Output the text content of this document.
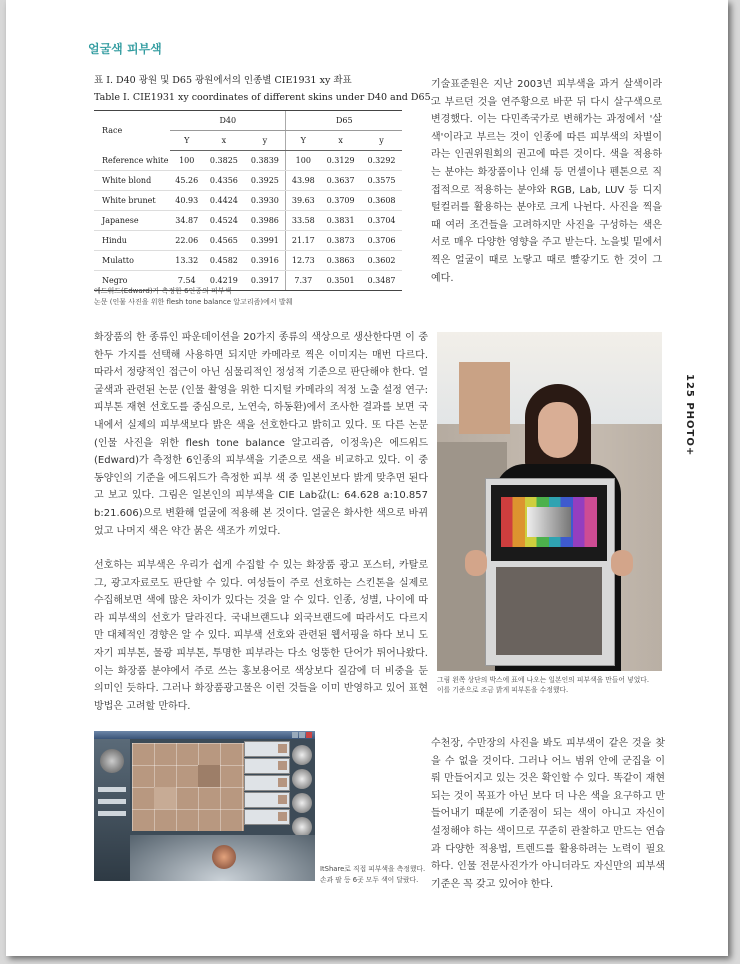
얼굴색 피부색
표 Ⅰ. D40 광원 및 D65 광원에서의 인종별 CIE1931 xy 좌표
Table Ⅰ. CIE1931 xy coordinates of different skins under D40 and D65.
Race	D40			D65		
	Y	x	y	Y	x	y
Reference white	100	0.3825	0.3839	100	0.3129	0.3292
White blond	45.26	0.4356	0.3925	43.98	0.3637	0.3575
White brunet	40.93	0.4424	0.3930	39.63	0.3709	0.3608
Japanese	34.87	0.4524	0.3986	33.58	0.3831	0.3704
Hindu	22.06	0.4565	0.3991	21.17	0.3873	0.3706
Mulatto	13.32	0.4582	0.3916	12.73	0.3863	0.3602
Negro	7.54	0.4219	0.3917	7.37	0.3501	0.3487
에드워드(Edward)가 측정한 6인종의 피부색
논문 (인물 사진을 위한 flesh tone balance 알고리즘)에서 발췌

기술표준원은 지난 2003년 피부색을 과거 살색이라고 부르던 것을 연주황으로 바꾼 뒤 다시 살구색으로 변경했다. 이는 다민족국가로 변해가는 과정에서 '살색'이라고 부르는 것이 인종에 따른 피부색의 차별이라는 인권위원회의 권고에 따른 것이다. 색을 적용하는 분야는 화장품이나 인쇄 등 먼셀이나 펜톤으로 직접적으로 적용하는 분야와 RGB, Lab, LUV 등 디지털컬러를 활용하는 분야로 크게 나뉜다. 사진을 찍을 때 여러 조건들을 고려하지만 사진을 구성하는 색은 서로 매우 다양한 영향을 주고 받는다. 노을빛 밑에서 찍은 얼굴이 때로 노랗고 때로 빨갛기도 한 것이 그 예다.

화장품의 한 종류인 파운데이션을 20가지 종류의 색상으로 생산한다면 이 중 한두 가지를 선택해 사용하면 되지만 카메라로 찍은 이미지는 매번 다르다. 따라서 정량적인 접근이 아닌 심물리적인 정성적 기준으로 판단해야 한다. 얼굴색과 관련된 논문 (인물 촬영을 위한 디지털 카메라의 적정 노출 설정 연구: 피부톤 재현 선호도를 중심으로, 노연숙, 하동환)에서 조사한 결과를 보면 국내에서 실제의 피부색보다 밝은 색을 선호한다고 밝히고 있다. 또 다른 논문 (인물 사진을 위한 flesh tone balance 알고리즘, 이정욱)은 에드워드(Edward)가 측정한 6인종의 피부색을 기준으로 색을 비교하고 있다. 이 중 동양인의 기준을 에드워드가 측정한 피부 색 중 일본인보다 밝게 맞추면 된다고 보고 있다. 그림은 일본인의 피부색을 CIE Lab값(L: 64.628 a:10.857 b:21.606)으로 변환해 얼굴에 적용해 본 것이다. 얼굴은 화사한 색으로 바뀌었고 나머지 색은 약간 붉은 색조가 끼었다.

선호하는 피부색은 우리가 쉽게 수집할 수 있는 화장품 광고 포스터, 카탈로그, 광고자료로도 판단할 수 있다. 여성들이 주로 선호하는 스킨톤을 실제로 수집해보면 색에 많은 차이가 있다는 것을 알 수 있다. 인종, 성별, 나이에 따라 피부색의 선호가 달라진다. 국내브랜드냐 외국브랜드에 따라서도 다르지만 대체적인 경향은 알 수 있다. 피부색 선호와 관련된 웹서핑을 하다 보니 도자기 피부톤, 물광 피부톤, 투명한 피부라는 다소 엉뚱한 단어가 튀어나왔다. 이는 화장품 분야에서 주로 쓰는 홍보용어로 색상보다 질감에 더 비중을 둔 의미인 듯하다. 그러나 화장품광고물은 이런 것들을 이미 반영하고 있어 표현방법은 고려할 만하다.

수천장, 수만장의 사진을 봐도 피부색이 같은 것을 찾을 수 없을 것이다. 그러나 어느 범위 안에 군집을 이뤄 만들어지고 있는 것은 확인할 수 있다. 똑같이 재현되는 것이 목표가 아닌 보다 더 나은 색을 요구하고 만들어내기 때문에 기준점이 되는 색이 아니고 자신이 설정해야 하는 색이므로 꾸준히 관찰하고 만드는 연습과 다양한 적용법, 트렌드를 활용하려는 노력이 필요하다. 인물 전문사진가가 아니더라도 자신만의 피부색 기준은 꼭 갖고 있어야 한다.

125 PHOTO+
그림 왼쪽 상단의 박스에 표에 나오는 일본인의 피부색을 만들어 넣었다.
이를 기준으로 조금 밝게 피부톤을 수정했다.
ItShare로 직접 피부색을 측정했다.
손과 팔 등 6곳 모두 색이 달랐다.
